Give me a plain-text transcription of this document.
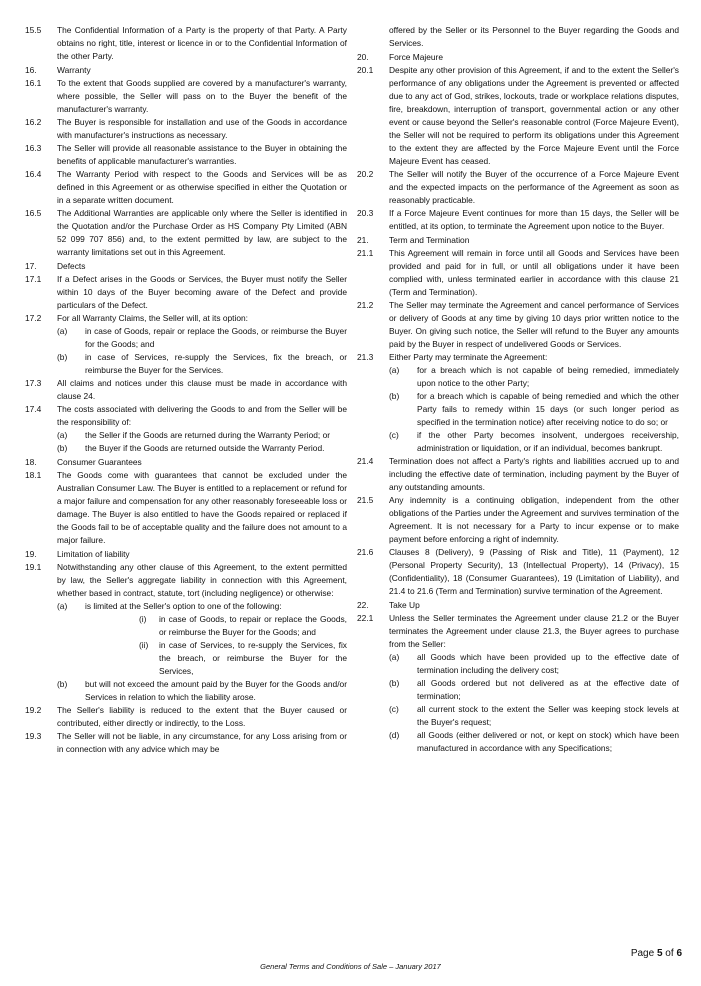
15.5	The Confidential Information of a Party is the property of that Party. A Party obtains no right, title, interest or licence in or to the Confidential Information of the other Party.
16.	Warranty
16.1	To the extent that Goods supplied are covered by a manufacturer's warranty, where possible, the Seller will pass on to the Buyer the benefit of the manufacturer's warranty.
16.2	The Buyer is responsible for installation and use of the Goods in accordance with manufacturer's instructions as necessary.
16.3	The Seller will provide all reasonable assistance to the Buyer in obtaining the benefits of applicable manufacturer's warranties.
16.4	The Warranty Period with respect to the Goods and Services will be as defined in this Agreement or as otherwise specified in either the Quotation or in a separate written document.
16.5	The Additional Warranties are applicable only where the Seller is identified in the Quotation and/or the Purchase Order as HS Company Pty Limited (ABN 52 099 707 856) and, to the extent permitted by law, are subject to the warranty limitations set out in this Agreement.
17.	Defects
17.1	If a Defect arises in the Goods or Services, the Buyer must notify the Seller within 10 days of the Buyer becoming aware of the Defect and provide particulars of the Defect.
17.2	For all Warranty Claims, the Seller will, at its option:
(a)	in case of Goods, repair or replace the Goods, or reimburse the Buyer for the Goods; and
(b)	in case of Services, re-supply the Services, fix the breach, or reimburse the Buyer for the Services.
17.3	All claims and notices under this clause must be made in accordance with clause 24.
17.4	The costs associated with delivering the Goods to and from the Seller will be the responsibility of:
(a)	the Seller if the Goods are returned during the Warranty Period; or
(b)	the Buyer if the Goods are returned outside the Warranty Period.
18.	Consumer Guarantees
18.1	The Goods come with guarantees that cannot be excluded under the Australian Consumer Law. The Buyer is entitled to a replacement or refund for a major failure and compensation for any other reasonably foreseeable loss or damage. The Buyer is also entitled to have the Goods repaired or replaced if the Goods fail to be of acceptable quality and the failure does not amount to a major failure.
19.	Limitation of liability
19.1	Notwithstanding any other clause of this Agreement, to the extent permitted by law, the Seller's aggregate liability in connection with this Agreement, whether based in contract, statute, tort (including negligence) or otherwise:
(a)	is limited at the Seller's option to one of the following:
(i)	in case of Goods, to repair or replace the Goods, or reimburse the Buyer for the Goods; and
(ii)	in case of Services, to re-supply the Services, fix the breach, or reimburse the Buyer for the Services,
(b)	but will not exceed the amount paid by the Buyer for the Goods and/or Services in relation to which the liability arose.
19.2	The Seller's liability is reduced to the extent that the Buyer caused or contributed, either directly or indirectly, to the Loss.
19.3	The Seller will not be liable, in any circumstance, for any Loss arising from or in connection with any advice which may be
offered by the Seller or its Personnel to the Buyer regarding the Goods and Services.
20.	Force Majeure
20.1	Despite any other provision of this Agreement, if and to the extent the Seller's performance of any obligations under the Agreement is prevented or affected due to any act of God, strikes, lockouts, trade or workplace relations disputes, fire, breakdown, interruption of transport, governmental action or any other event or cause beyond the Seller's reasonable control (Force Majeure Event), the Seller will not be required to perform its obligations under this Agreement to the extent they are affected by the Force Majeure Event until the Force Majeure Event has ceased.
20.2	The Seller will notify the Buyer of the occurrence of a Force Majeure Event and the expected impacts on the performance of the Agreement as soon as reasonably practicable.
20.3	If a Force Majeure Event continues for more than 15 days, the Seller will be entitled, at its option, to terminate the Agreement upon notice to the Buyer.
21.	Term and Termination
21.1	This Agreement will remain in force until all Goods and Services have been provided and paid for in full, or until all obligations under it have been complied with, unless terminated earlier in accordance with this clause 21 (Term and Termination).
21.2	The Seller may terminate the Agreement and cancel performance of Services or delivery of Goods at any time by giving 10 days prior written notice to the Buyer. On giving such notice, the Seller will refund to the Buyer any amounts paid by the Buyer in respect of undelivered Goods or Services.
21.3	Either Party may terminate the Agreement:
(a)	for a breach which is not capable of being remedied, immediately upon notice to the other Party;
(b)	for a breach which is capable of being remedied and which the other Party fails to remedy within 15 days (or such longer period as specified in the termination notice) after receiving notice to do so; or
(c)	if the other Party becomes insolvent, undergoes receivership, administration or liquidation, or if an individual, becomes bankrupt.
21.4	Termination does not affect a Party's rights and liabilities accrued up to and including the effective date of termination, including payment by the Buyer of any outstanding amounts.
21.5	Any indemnity is a continuing obligation, independent from the other obligations of the Parties under the Agreement and survives termination of the Agreement. It is not necessary for a Party to incur expense or to make payment before enforcing a right of indemnity.
21.6	Clauses 8 (Delivery), 9 (Passing of Risk and Title), 11 (Payment), 12 (Personal Property Security), 13 (Intellectual Property), 14 (Privacy), 15 (Confidentiality), 18 (Consumer Guarantees), 19 (Limitation of Liability), and 21.4 to 21.6 (Term and Termination) survive termination of the Agreement.
22.	Take Up
22.1	Unless the Seller terminates the Agreement under clause 21.2 or the Buyer terminates the Agreement under clause 21.3, the Buyer agrees to purchase from the Seller:
(a)	all Goods which have been provided up to the effective date of termination including the delivery cost;
(b)	all Goods ordered but not delivered as at the effective date of termination;
(c)	all current stock to the extent the Seller was keeping stock levels at the Buyer's request;
(d)	all Goods (either delivered or not, or kept on stock) which have been manufactured in accordance with any Specifications;
Page 5 of 6
General Terms and Conditions of Sale – January 2017
